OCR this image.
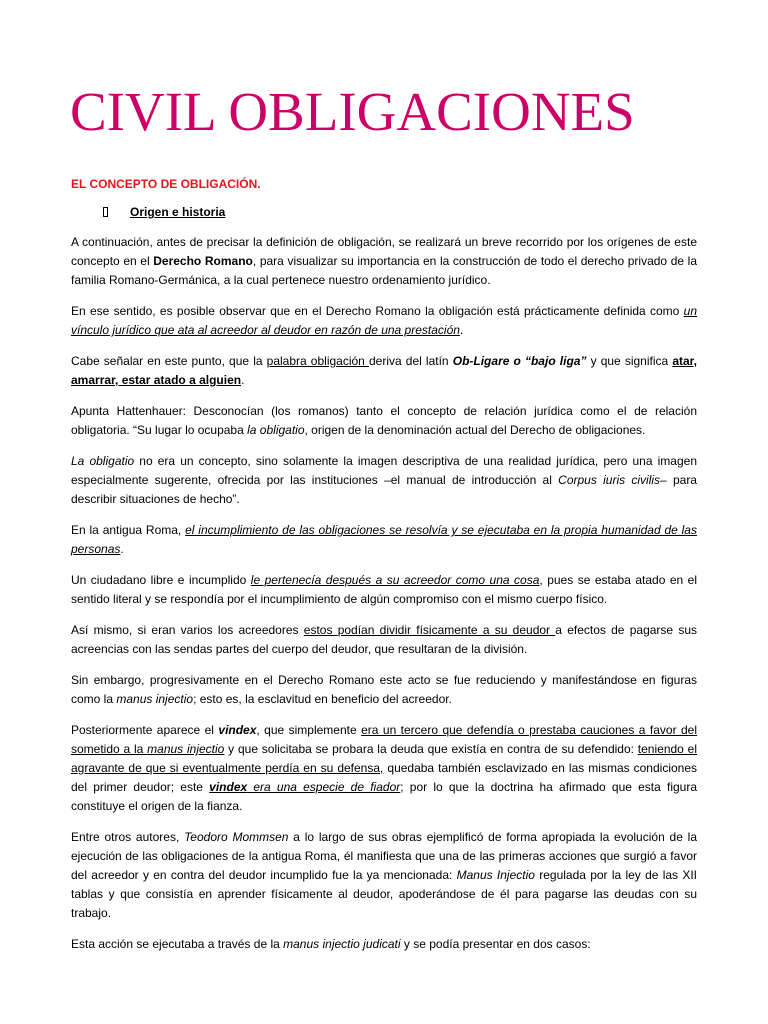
CIVIL OBLIGACIONES
EL CONCEPTO DE OBLIGACIÓN.
Origen e historia

A continuación, antes de precisar la definición de obligación, se realizará un breve recorrido por los orígenes de este concepto en el Derecho Romano, para visualizar su importancia en la construcción de todo el derecho privado de la familia Romano-Germánica, a la cual pertenece nuestro ordenamiento jurídico.

En ese sentido, es posible observar que en el Derecho Romano la obligación está prácticamente definida como un vínculo jurídico que ata al acreedor al deudor en razón de una prestación.

Cabe señalar en este punto, que la palabra obligación deriva del latín Ob-Ligare o “bajo liga” y que significa atar, amarrar, estar atado a alguien.

Apunta Hattenhauer: Desconocían (los romanos) tanto el concepto de relación jurídica como el de relación obligatoria. “Su lugar lo ocupaba la obligatio, origen de la denominación actual del Derecho de obligaciones.

La obligatio no era un concepto, sino solamente la imagen descriptiva de una realidad jurídica, pero una imagen especialmente sugerente, ofrecida por las instituciones –el manual de introducción al Corpus iuris civilis– para describir situaciones de hecho”.

En la antigua Roma, el incumplimiento de las obligaciones se resolvía y se ejecutaba en la propia humanidad de las personas.

Un ciudadano libre e incumplido le pertenecía después a su acreedor como una cosa, pues se estaba atado en el sentido literal y se respondía por el incumplimiento de algún compromiso con el mismo cuerpo físico.

Así mismo, si eran varios los acreedores estos podían dividir físicamente a su deudor a efectos de pagarse sus acreencias con las sendas partes del cuerpo del deudor, que resultaran de la división.

Sin embargo, progresivamente en el Derecho Romano este acto se fue reduciendo y manifestándose en figuras como la manus injectio; esto es, la esclavitud en beneficio del acreedor.

Posteriormente aparece el vindex, que simplemente era un tercero que defendía o prestaba cauciones a favor del sometido a la manus injectio y que solicitaba se probara la deuda que existía en contra de su defendido: teniendo el agravante de que si eventualmente perdía en su defensa, quedaba también esclavizado en las mismas condiciones del primer deudor; este vindex era una especie de fiador; por lo que la doctrina ha afirmado que esta figura constituye el origen de la fianza.

Entre otros autores, Teodoro Mommsen a lo largo de sus obras ejemplificó de forma apropiada la evolución de la ejecución de las obligaciones de la antigua Roma, él manifiesta que una de las primeras acciones que surgió a favor del acreedor y en contra del deudor incumplido fue la ya mencionada: Manus Injectio regulada por la ley de las XII tablas y que consistía en aprender físicamente al deudor, apoderándose de él para pagarse las deudas con su trabajo.

Esta acción se ejecutaba a través de la manus injectio judicati y se podía presentar en dos casos:
